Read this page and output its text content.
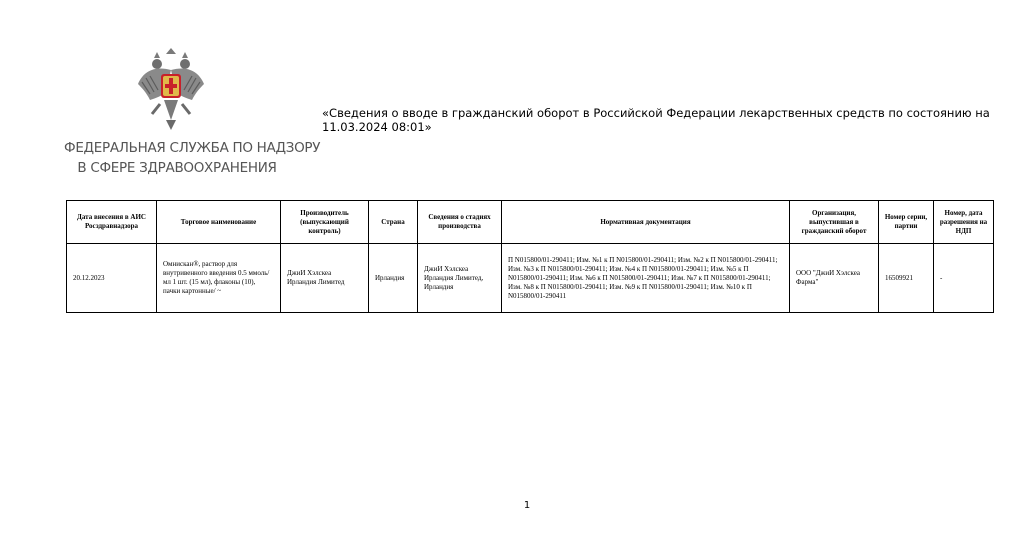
ФЕДЕРАЛЬНАЯ СЛУЖБА ПО НАДЗОРУ
В СФЕРЕ ЗДРАВООХРАНЕНИЯ
«Сведения о вводе в гражданский оборот в Российской Федерации лекарственных средств по состоянию на 11.03.2024 08:01»
Дата внесения в АИС Росздравнадзора	Торговое наименование	Производитель (выпускающий контроль)	Страна	Сведения о стадиях производства	Нормативная документация	Организация, выпустившая в гражданский оборот	Номер серии, партии	Номер, дата разрешения на НДП
20.12.2023	Омнискан®, раствор для внутривенного введения 0.5 ммоль/мл 1 шт. (15 мл), флаконы (10), пачки картонные/ ~	ДжиИ Хэлскеа Ирландия Лимитед	Ирландия	ДжиИ Хэлскеа Ирландия Лимитед, Ирландия	П N015800/01-290411; Изм. №1 к П N015800/01-290411; Изм. №2 к П N015800/01-290411; Изм. №3 к П N015800/01-290411; Изм. №4 к П N015800/01-290411; Изм. №5 к П N015800/01-290411; Изм. №6 к П N015800/01-290411; Изм. №7 к П N015800/01-290411; Изм. №8 к П N015800/01-290411; Изм. №9 к П N015800/01-290411; Изм. №10 к П N015800/01-290411	ООО "ДжиИ Хэлскеа Фарма"	16509921	-
1
